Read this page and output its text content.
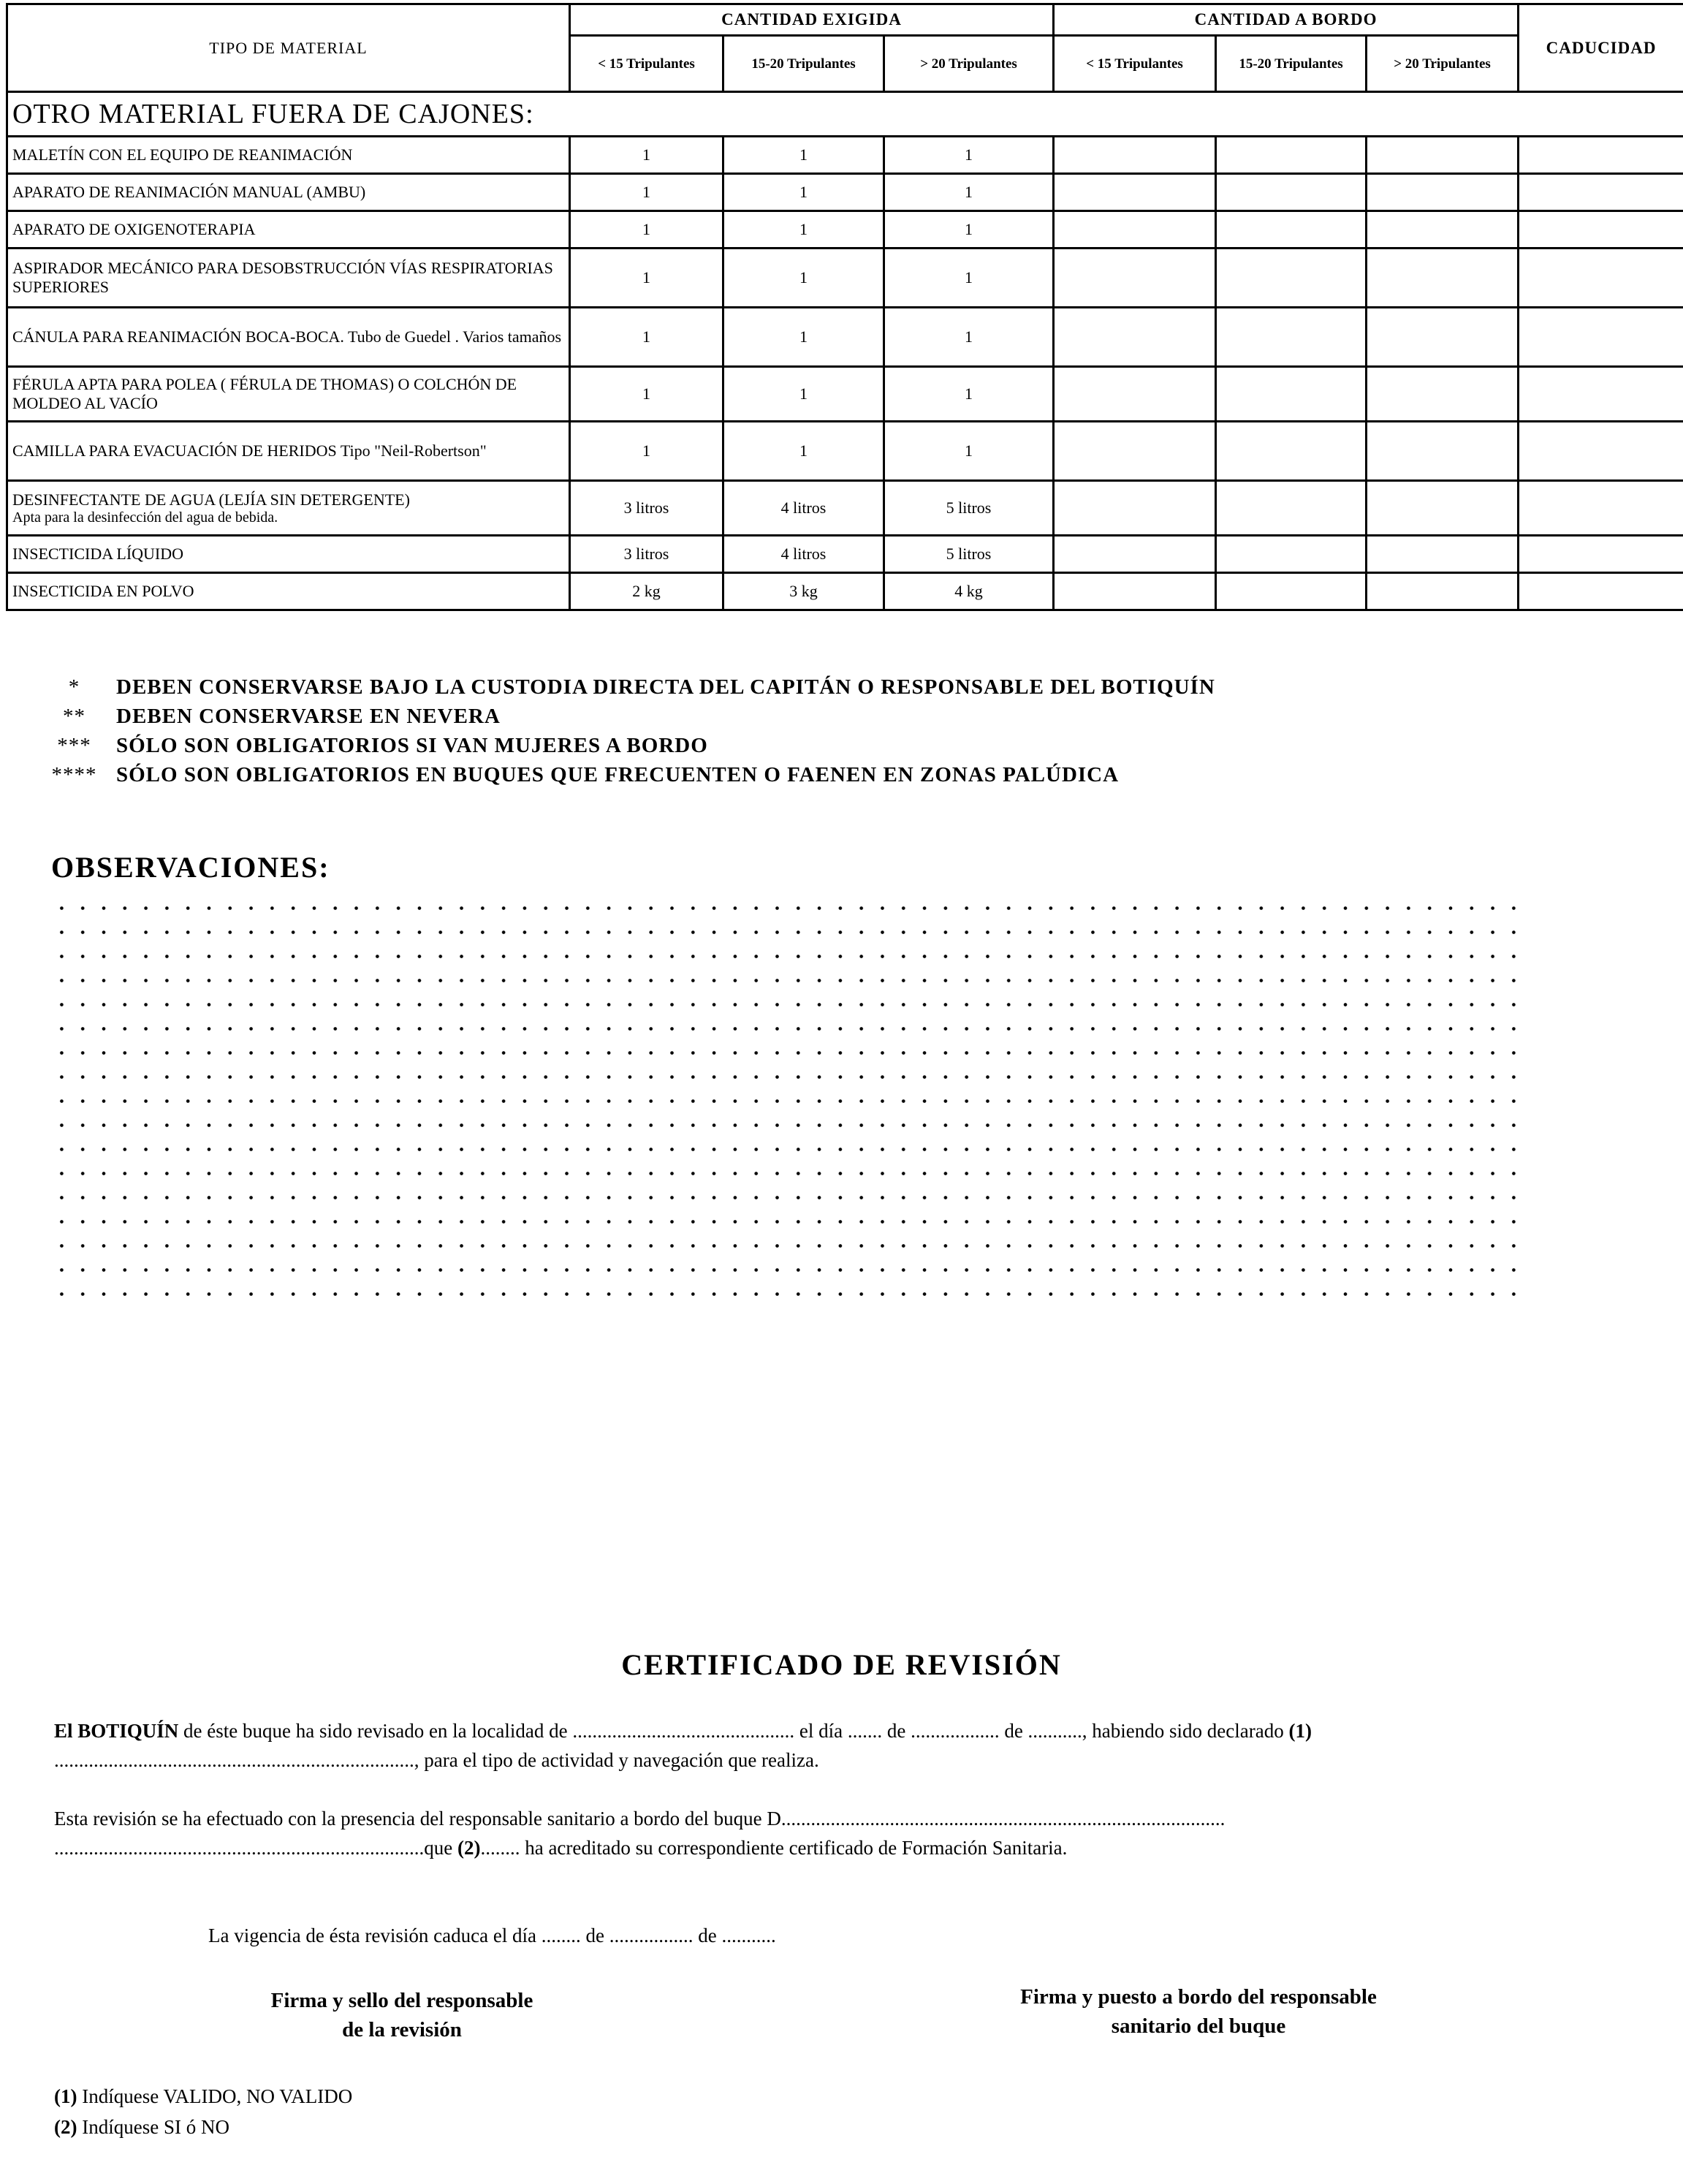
TIPO DE MATERIAL	CANTIDAD EXIGIDA			CANTIDAD A BORDO			CADUCIDAD
	< 15 Tripulantes	15-20 Tripulantes	> 20 Tripulantes	< 15 Tripulantes	15-20 Tripulantes	> 20 Tripulantes	
OTRO MATERIAL FUERA DE CAJONES:							
MALETÍN CON EL EQUIPO DE REANIMACIÓN	1	1	1				
APARATO DE REANIMACIÓN MANUAL (AMBU)	1	1	1				
APARATO DE OXIGENOTERAPIA	1	1	1				
ASPIRADOR MECÁNICO PARA DESOBSTRUCCIÓN VÍAS RESPIRATORIAS SUPERIORES	1	1	1				
CÁNULA PARA REANIMACIÓN BOCA-BOCA. Tubo de Guedel . Varios tamaños	1	1	1				
FÉRULA APTA PARA POLEA ( FÉRULA DE THOMAS) O COLCHÓN DE MOLDEO AL VACÍO	1	1	1				
CAMILLA PARA EVACUACIÓN DE HERIDOS Tipo "Neil-Robertson"	1	1	1				
DESINFECTANTE DE AGUA (LEJÍA SIN DETERGENTE)
Apta para la desinfección del agua de bebida.	3 litros	4 litros	5 litros				
INSECTICIDA LÍQUIDO	3 litros	4 litros	5 litros				
INSECTICIDA EN POLVO	2 kg	3 kg	4 kg				
*	DEBEN CONSERVARSE BAJO LA CUSTODIA DIRECTA DEL CAPITÁN O RESPONSABLE DEL BOTIQUÍN
**	DEBEN CONSERVARSE EN NEVERA
***	SÓLO SON OBLIGATORIOS SI VAN MUJERES A BORDO
**** SÓLO SON OBLIGATORIOS EN BUQUES QUE FRECUENTEN O FAENEN EN ZONAS PALÚDICA
OBSERVACIONES:
CERTIFICADO DE REVISIÓN
El BOTIQUÍN de éste buque ha sido revisado en la localidad de ............................................. el día ....... de .................. de ..........., habiendo sido declarado (1) ........................................................................., para el tipo de actividad y navegación que realiza.
Esta revisión se ha efectuado con la presencia del responsable sanitario a bordo del buque D.......................................................................................... ...........................................................................que (2)........ ha acreditado su correspondiente certificado de Formación Sanitaria.
La vigencia de ésta revisión caduca el día ........ de ................. de ...........
Firma y sello del responsable
de la revisión
Firma y puesto a bordo del responsable
sanitario del buque
(1) Indíquese VALIDO, NO VALIDO
(2) Indíquese SI ó NO
